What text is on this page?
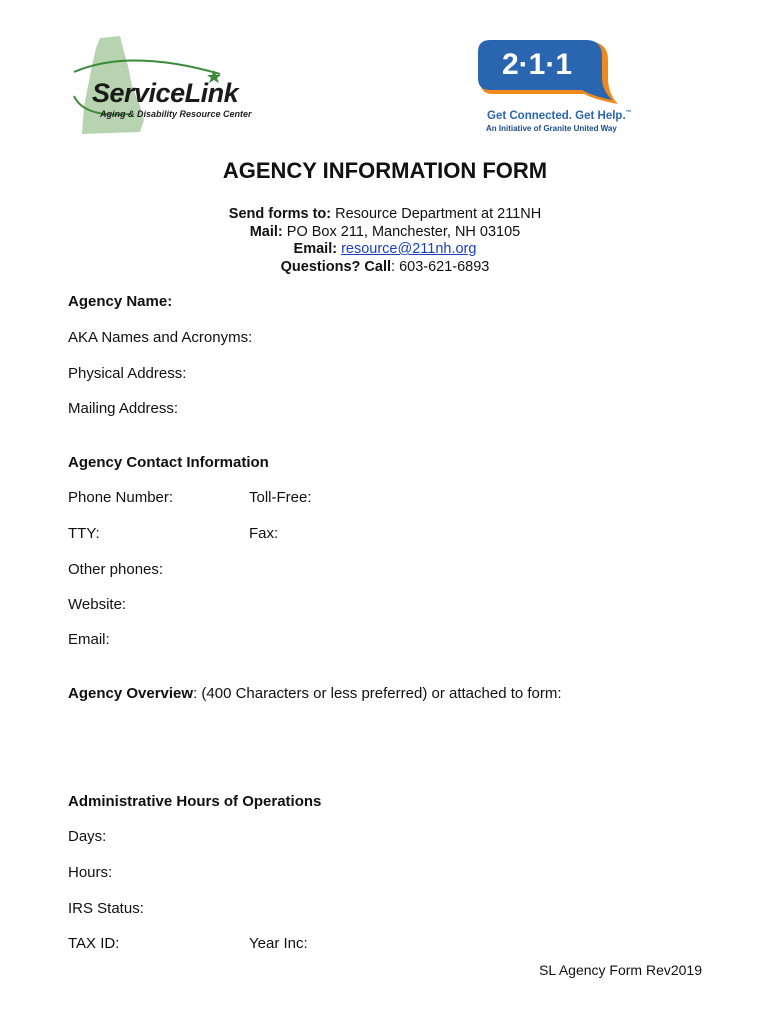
ServiceLink
Aging & Disability Resource Center
2·1·1
Get Connected. Get Help.™
An Initiative of Granite United Way
AGENCY INFORMATION FORM
Send forms to: Resource Department at 211NH
Mail: PO Box 211, Manchester, NH 03105
Email: resource@211nh.org
Questions? Call: 603-621-6893
Agency Name:
AKA Names and Acronyms:
Physical Address:
Mailing Address:
Agency Contact Information
Phone Number:	Toll-Free:
TTY:	Fax:
Other phones:
Website:
Email:
Agency Overview: (400 Characters or less preferred) or attached to form:
Administrative Hours of Operations
Days:
Hours:
IRS Status:
TAX ID:	Year Inc:
SL Agency Form Rev2019
